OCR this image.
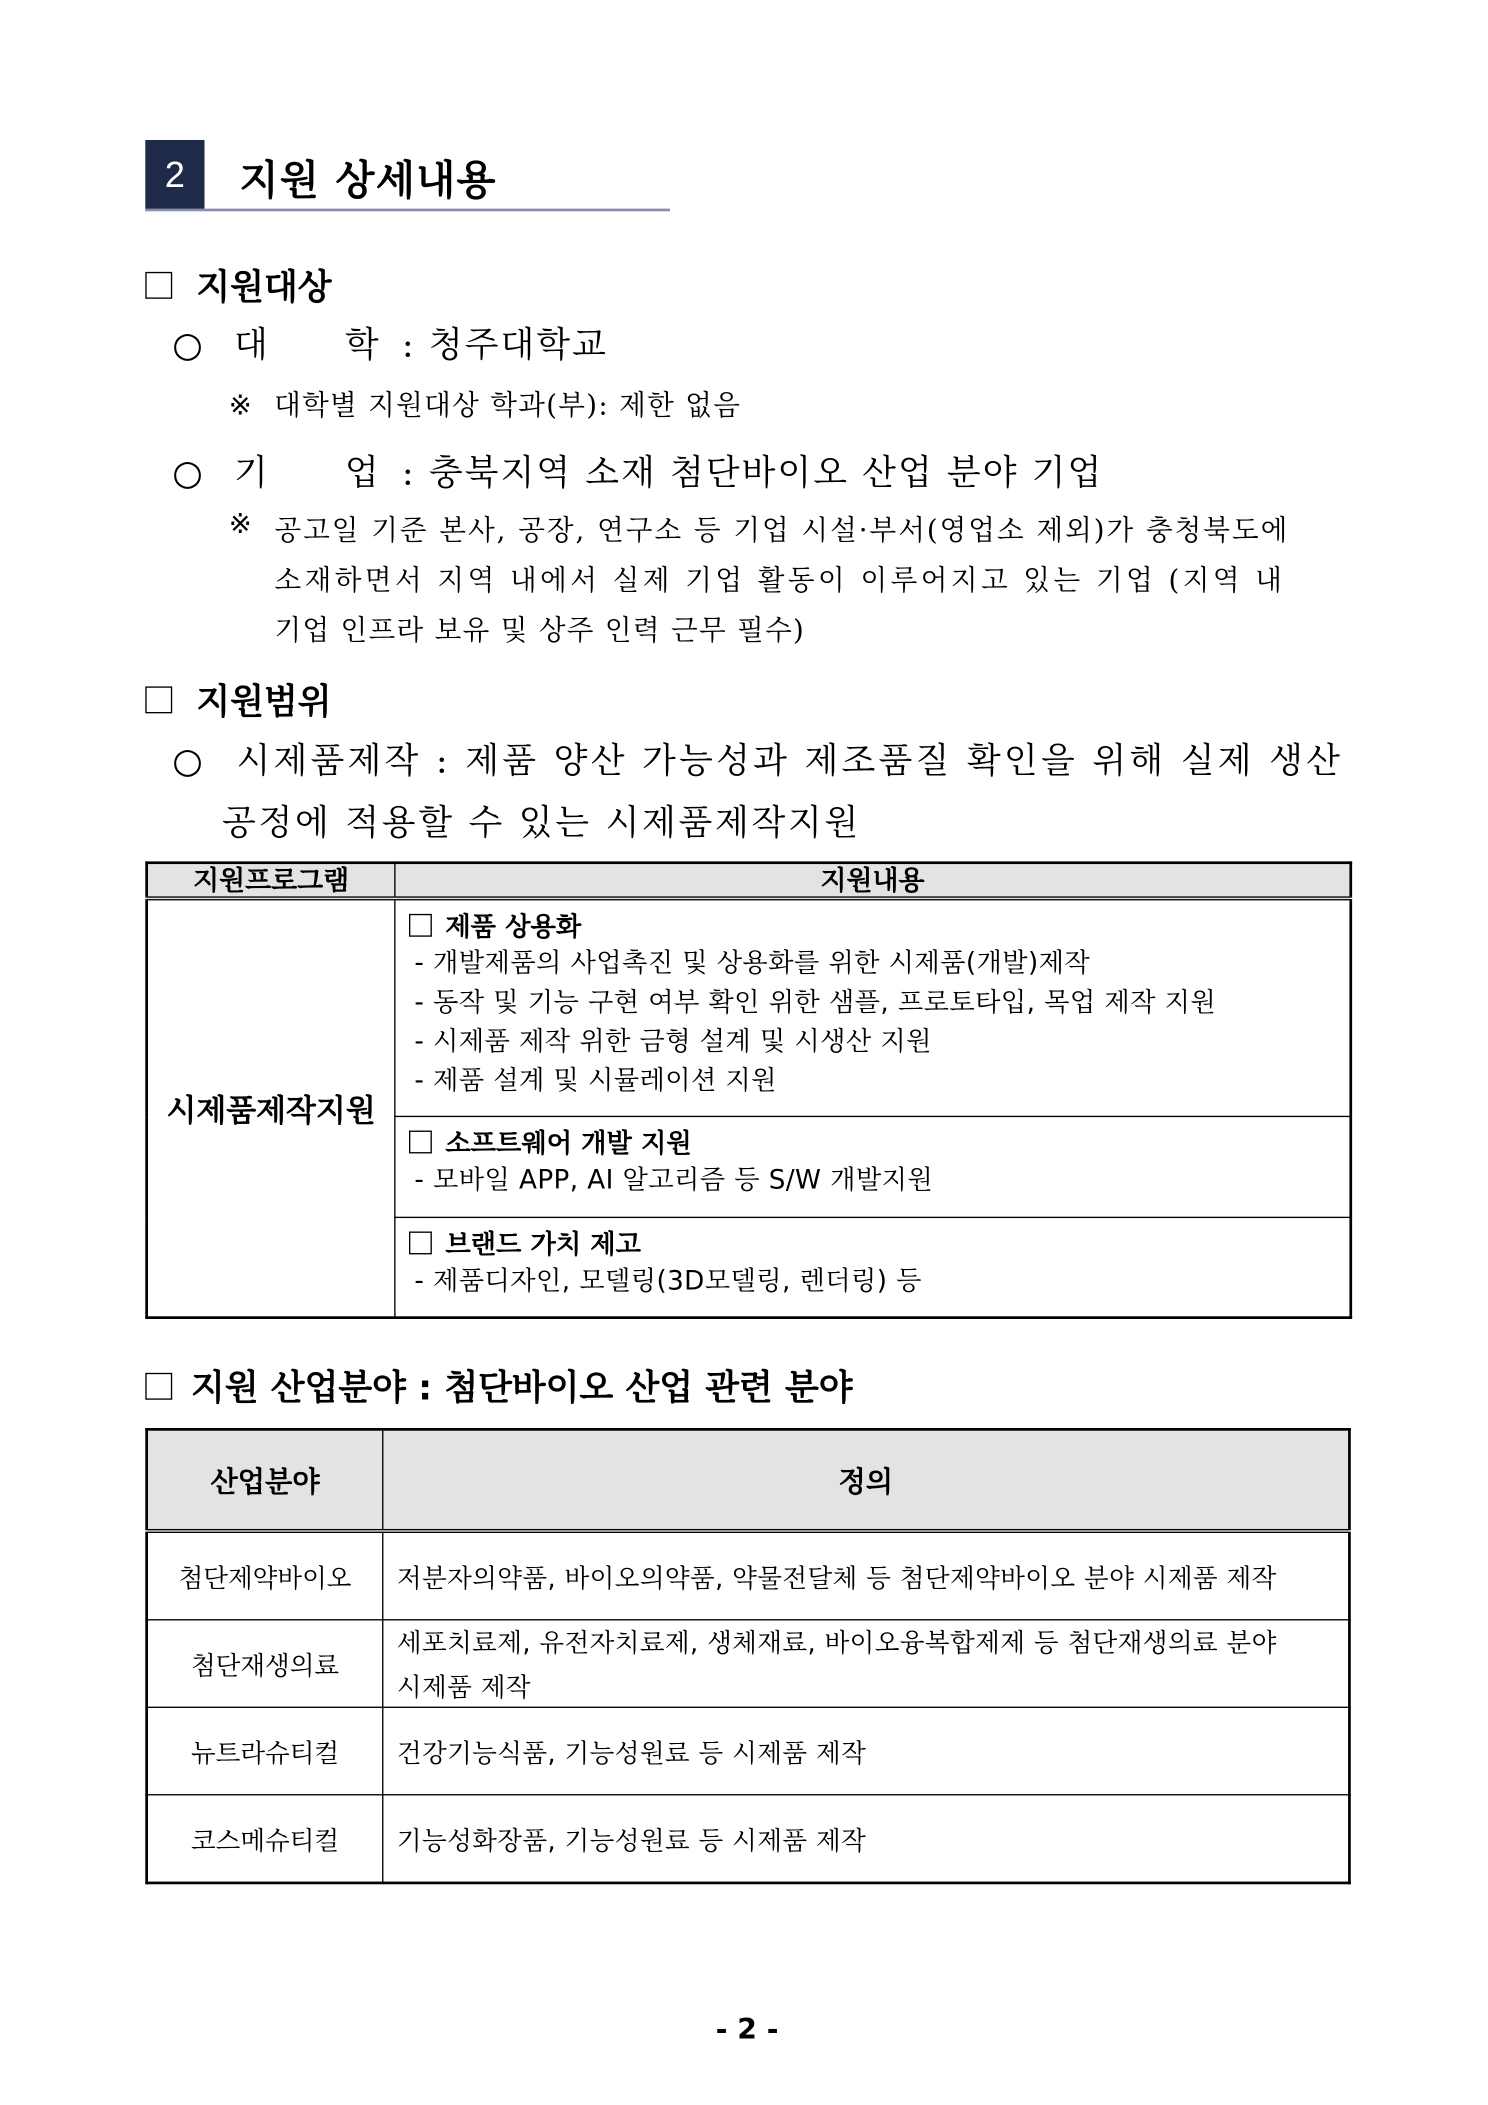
2	지원 상세내용
지원대상
○ 대	학 : 청주대학교
※ 대학별 지원대상 학과(부): 제한 없음
○ 기	업 : 충북지역 소재 첨단바이오 산업 분야 기업
※ 공고일 기준 본사, 공장, 연구소 등 기업 시설·부서(영업소 제외)가 충청북도에
소재하면서 지역 내에서 실제 기업 활동이 이루어지고 있는 기업 (지역 내
기업 인프라 보유 및 상주 인력 근무 필수)
지원범위
○ 시제품제작 : 제품 양산 가능성과 제조품질 확인을 위해 실제 생산
공정에 적용할 수 있는 시제품제작지원
지원프로그램	지원내용
시제품제작지원	제품 상용화
- 개발제품의 사업촉진 및 상용화를 위한 시제품(개발)제작
- 동작 및 기능 구현 여부 확인 위한 샘플, 프로토타입, 목업 제작 지원
- 시제품 제작 위한 금형 설계 및 시생산 지원
- 제품 설계 및 시뮬레이션 지원

	소프트웨어 개발 지원
- 모바일 APP, AI 알고리즘 등 S/W 개발지원

	브랜드 가치 제고
- 제품디자인, 모델링(3D모델링, 렌더링) 등
지원 산업분야 : 첨단바이오 산업 관련 분야
산업분야	정의
첨단제약바이오	저분자의약품, 바이오의약품, 약물전달체 등 첨단제약바이오 분야 시제품 제작
첨단재생의료	세포치료제, 유전자치료제, 생체재료, 바이오융복합제제 등 첨단재생의료 분야
시제품 제작

뉴트라슈티컬	건강기능식품, 기능성원료 등 시제품 제작
코스메슈티컬	기능성화장품, 기능성원료 등 시제품 제작
- 2 -
